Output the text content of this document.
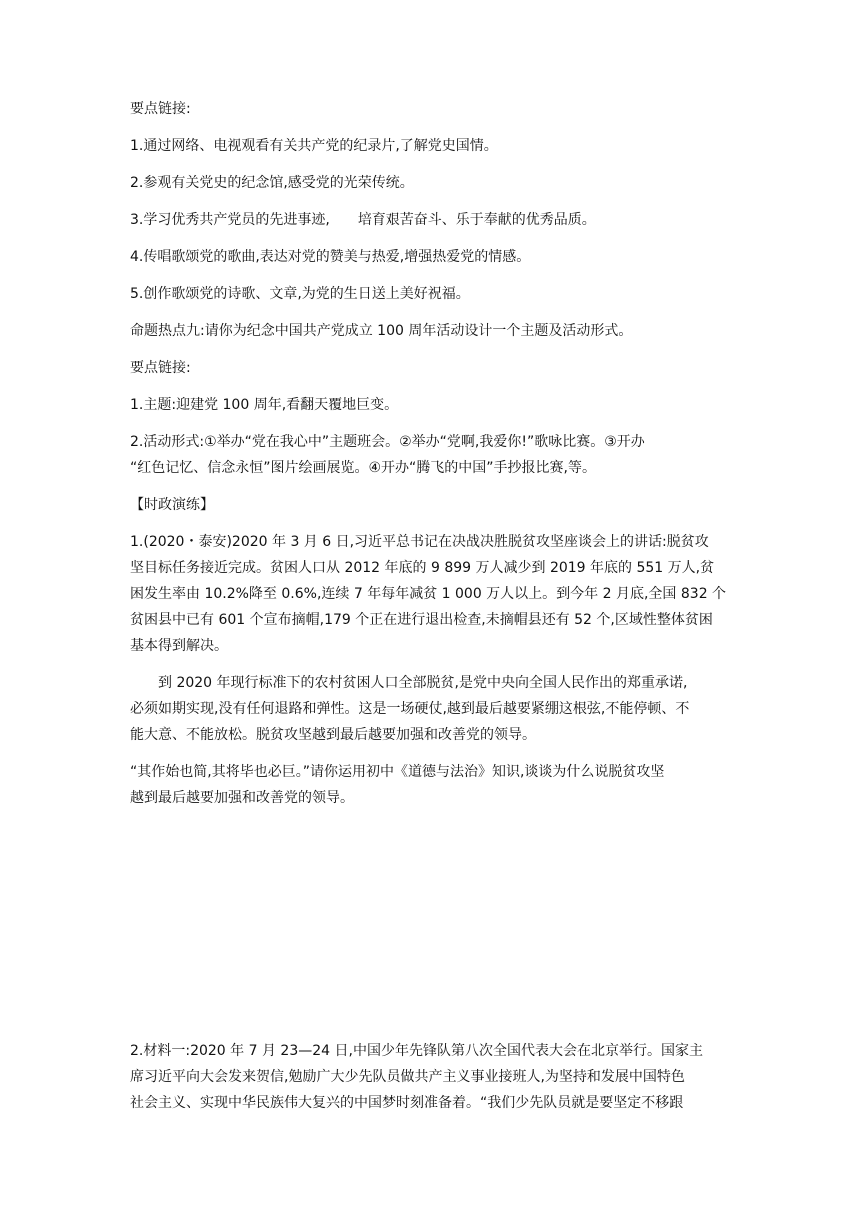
要点链接:
1.通过网络、电视观看有关共产党的纪录片,了解党史国情。
2.参观有关党史的纪念馆,感受党的光荣传统。
3.学习优秀共产党员的先进事迹, 培育艰苦奋斗、乐于奉献的优秀品质。
4.传唱歌颂党的歌曲,表达对党的赞美与热爱,增强热爱党的情感。
5.创作歌颂党的诗歌、文章,为党的生日送上美好祝福。
命题热点九:请你为纪念中国共产党成立 100 周年活动设计一个主题及活动形式。
要点链接:
1.主题:迎建党 100 周年,看翻天覆地巨变。
2.活动形式:①举办“党在我心中”主题班会。②举办“党啊,我爱你!”歌咏比赛。③开办
“红色记忆、信念永恒”图片绘画展览。④开办“腾飞的中国”手抄报比赛,等。
【时政演练】
1.(2020・泰安)2020 年 3 月 6 日,习近平总书记在决战决胜脱贫攻坚座谈会上的讲话:脱贫攻
坚目标任务接近完成。贫困人口从 2012 年底的 9 899 万人减少到 2019 年底的 551 万人,贫
困发生率由 10.2%降至 0.6%,连续 7 年每年减贫 1 000 万人以上。到今年 2 月底,全国 832 个
贫困县中已有 601 个宣布摘帽,179 个正在进行退出检查,未摘帽县还有 52 个,区域性整体贫困
基本得到解决。
到 2020 年现行标准下的农村贫困人口全部脱贫,是党中央向全国人民作出的郑重承诺,
必须如期实现,没有任何退路和弹性。这是一场硬仗,越到最后越要紧绷这根弦,不能停顿、不
能大意、不能放松。脱贫攻坚越到最后越要加强和改善党的领导。
“其作始也简,其将毕也必巨。”请你运用初中《道德与法治》知识,谈谈为什么说脱贫攻坚
越到最后越要加强和改善党的领导。
2.材料一:2020 年 7 月 23—24 日,中国少年先锋队第八次全国代表大会在北京举行。国家主
席习近平向大会发来贺信,勉励广大少先队员做共产主义事业接班人,为坚持和发展中国特色
社会主义、实现中华民族伟大复兴的中国梦时刻准备着。“我们少先队员就是要坚定不移跟
